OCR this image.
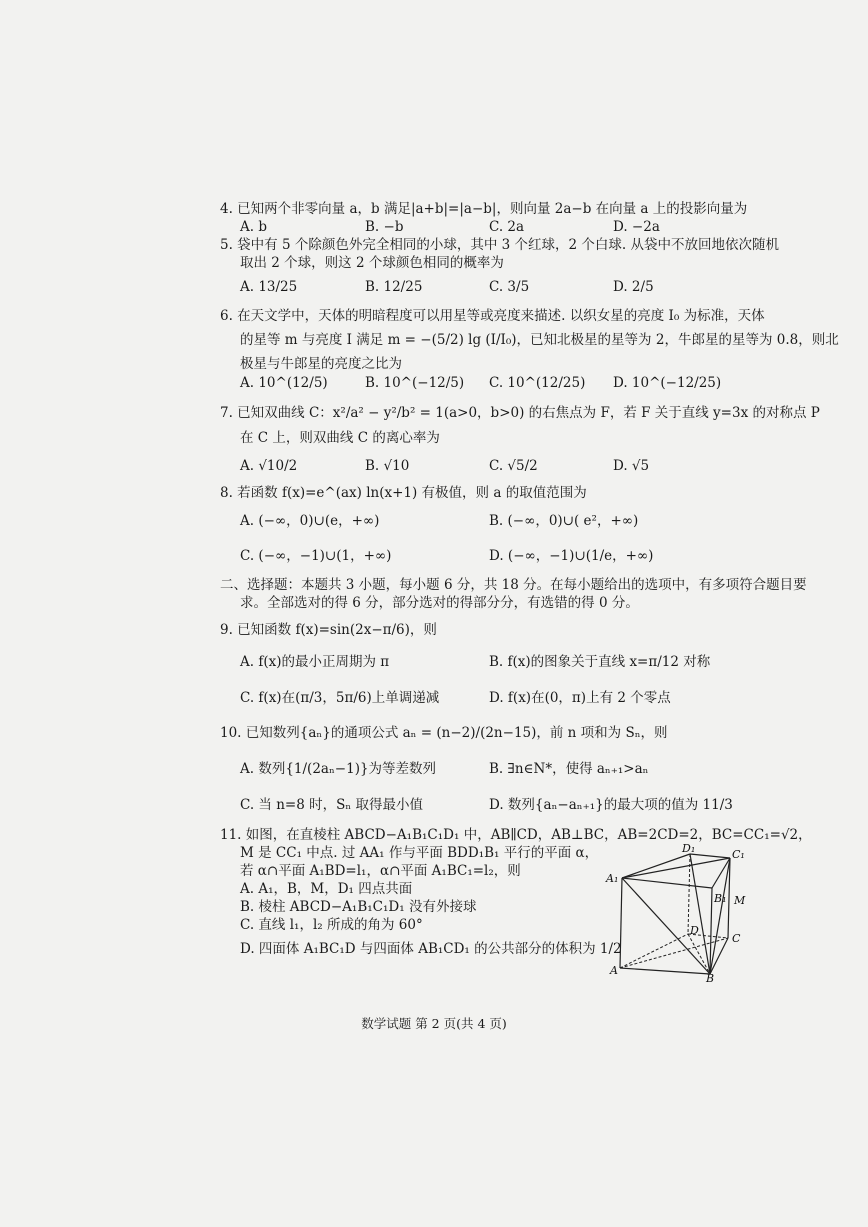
4. 已知两个非零向量 a，b 满足|a+b|=|a−b|，则向量 2a−b 在向量 a 上的投影向量为
A. b	B. −b	C. 2a	D. −2a
5. 袋中有 5 个除颜色外完全相同的小球，其中 3 个红球，2 个白球. 从袋中不放回地依次随机
取出 2 个球，则这 2 个球颜色相同的概率为
A. 13/25	B. 12/25	C. 3/5	D. 2/5
6. 在天文学中，天体的明暗程度可以用星等或亮度来描述. 以织女星的亮度 I₀ 为标准，天体
的星等 m 与亮度 I 满足 m = −(5/2) lg (I/I₀)，已知北极星的星等为 2，牛郎星的星等为 0.8，则北
极星与牛郎星的亮度之比为
A. 10^(12/5)	B. 10^(−12/5) C. 10^(12/25) D. 10^(−12/25)
7. 已知双曲线 C：x²/a² − y²/b² = 1(a>0，b>0) 的右焦点为 F，若 F 关于直线 y=3x 的对称点 P
在 C 上，则双曲线 C 的离心率为
A. √10/2	B. √10	C. √5/2	D. √5
8. 若函数 f(x)=e^(ax) ln(x+1) 有极值，则 a 的取值范围为
A. (−∞，0)∪(e，+∞)	B. (−∞，0)∪( e²，+∞)
C. (−∞，−1)∪(1，+∞)	D. (−∞，−1)∪(1/e，+∞)
二、选择题：本题共 3 小题，每小题 6 分，共 18 分。在每小题给出的选项中，有多项符合题目要
求。全部选对的得 6 分，部分选对的得部分分，有选错的得 0 分。
9. 已知函数 f(x)=sin(2x−π/6)，则
A. f(x)的最小正周期为 π	B. f(x)的图象关于直线 x=π/12 对称
C. f(x)在(π/3，5π/6)上单调递减	D. f(x)在(0，π)上有 2 个零点
10. 已知数列{aₙ}的通项公式 aₙ = (n−2)/(2n−15)，前 n 项和为 Sₙ，则
A. 数列{1/(2aₙ−1)}为等差数列	B. ∃n∈N*，使得 aₙ₊₁>aₙ
C. 当 n=8 时，Sₙ 取得最小值	D. 数列{aₙ−aₙ₊₁}的最大项的值为 11/3
11. 如图，在直棱柱 ABCD−A₁B₁C₁D₁ 中，AB∥CD，AB⊥BC，AB=2CD=2，BC=CC₁=√2，
M 是 CC₁ 中点. 过 AA₁ 作与平面 BDD₁B₁ 平行的平面 α，
若 α∩平面 A₁BD=l₁，α∩平面 A₁BC₁=l₂，则
A. A₁，B，M，D₁ 四点共面
B. 棱柱 ABCD−A₁B₁C₁D₁ 没有外接球
C. 直线 l₁，l₂ 所成的角为 60°
D. 四面体 A₁BC₁D 与四面体 AB₁CD₁ 的公共部分的体积为 1/2
A₁
D₁	C₁
B₁ M
D
C
A
B
数学试题 第 2 页(共 4 页)
